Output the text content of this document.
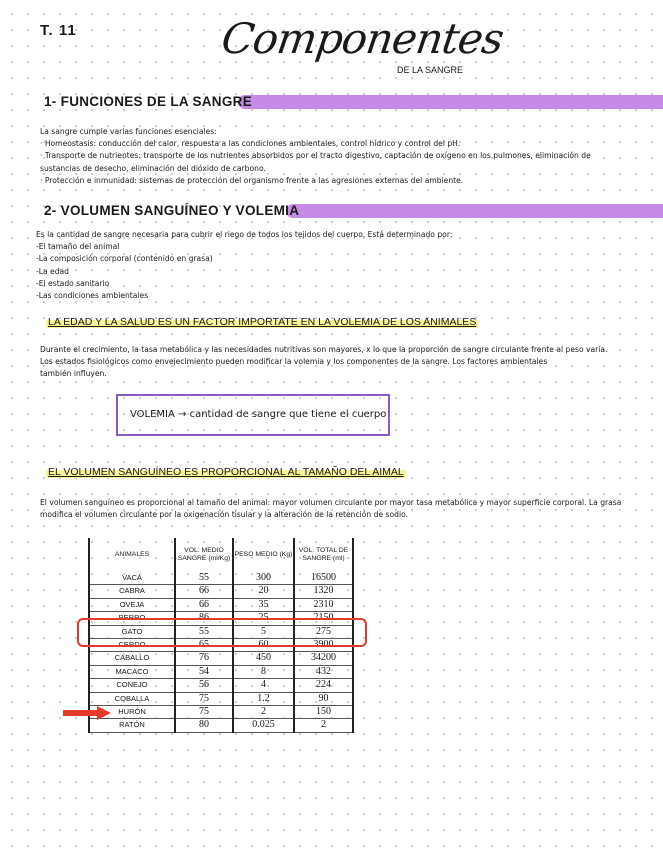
T. 11	Componentes
DE LA SANGRE
1- FUNCIONES DE LA SANGRE
La sangre cumple varias funciones esenciales:
· Homeostasis: conducción del calor, respuesta a las condiciones ambientales, control hídrico y control del pH.
· Transporte de nutrientes: transporte de los nutrientes absorbidos por el tracto digestivo, captación de oxígeno en los pulmones, eliminación de
sustancias de desecho, eliminación del dióxido de carbono.
· Protección e inmunidad: sistemas de protección del organismo frente a las agresiones externas del ambiente.
2- VOLUMEN SANGUÍNEO Y VOLEMIA
Es la cantidad de sangre necesaria para cubrir el riego de todos los tejidos del cuerpo. Está determinado por:
-El tamaño del animal
-La composición corporal (contenido en grasa)
-La edad
-El estado sanitario
-Las condiciones ambientales
LA EDAD Y LA SALUD ES UN FACTOR IMPORTATE EN LA VOLEMIA DE LOS ANIMALES
Durante el crecimiento, la tasa metabólica y las necesidades nutritivas son mayores, x lo que la proporción de sangre circulante frente al peso varía.
Los estados fisiológicos como envejecimiento pueden modificar la volemia y los componentes de la sangre. Los factores ambientales
también influyen.
VOLEMIA → cantidad de sangre que tiene el cuerpo
EL VOLUMEN SANGUÍNEO ES PROPORCIONAL AL TAMAÑO DEL AIMAL
El volumen sanguíneo es proporcional al tamaño del animal: mayor volumen circulante por mayor tasa metabólica y mayor superficie corporal. La grasa
modifica el volumen circulante por la oxigenación tisular y la alteración de la retención de sodio.
ANIMALES	VOL. MEDIO SANGRE (ml/Kg)	PESO MEDIO (Kg)	VOL. TOTAL DE SANGRE (ml)
VACA	55	300	16500
CABRA	66	20	1320
OVEJA	66	35	2310
PERRO	86	25	2150
GATO	55	5	275
CERDO	65	60	3900
CABALLO	76	450	34200
MACACO	54	8	432
CONEJO	56	4	224
COBALLA	75	1.2	90
HURÓN	75	2	150
RATÓN	80	0.025	2
